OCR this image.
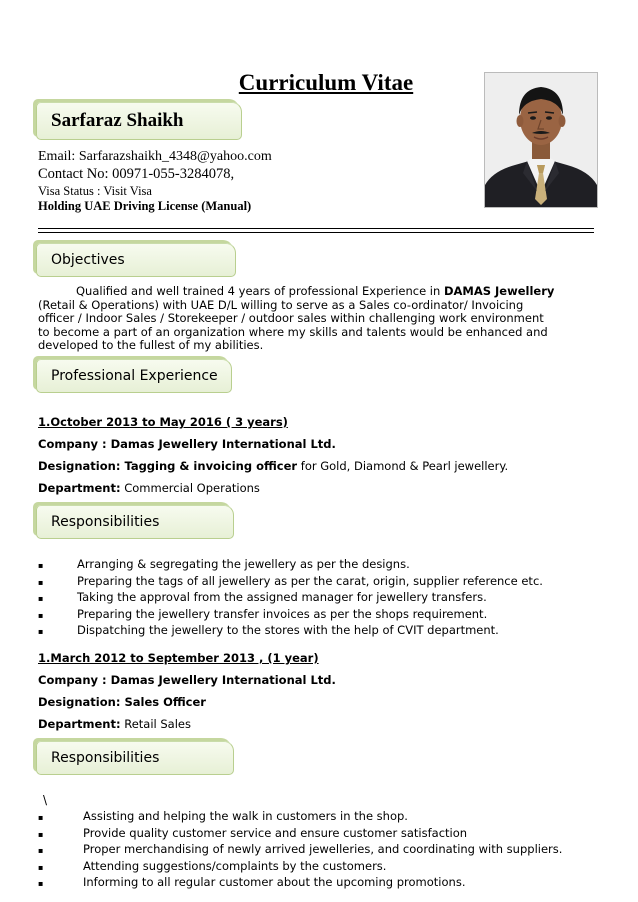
Curriculum Vitae
Sarfaraz Shaikh
Email: Sarfarazshaikh_4348@yahoo.com
Contact No: 00971-055-3284078,
Visa Status : Visit Visa
Holding UAE Driving License (Manual)
Objectives

Qualified and well trained 4 years of professional Experience in DAMAS Jewellery (Retail & Operations) with UAE D/L willing to serve as a Sales co-ordinator/ Invoicing officer / Indoor Sales / Storekeeper / outdoor sales within challenging work environment to become a part of an organization where my skills and talents would be enhanced and developed to the fullest of my abilities.

Professional Experience
1.October 2013 to May 2016 ( 3 years)
Company : Damas Jewellery International Ltd.
Designation: Tagging & invoicing officer for Gold, Diamond & Pearl jewellery.
Department: Commercial Operations
Responsibilities
▪	Arranging & segregating the jewellery as per the designs.
▪	Preparing the tags of all jewellery as per the carat, origin, supplier reference etc.
▪	Taking the approval from the assigned manager for jewellery transfers.
▪	Preparing the jewellery transfer invoices as per the shops requirement.
▪	Dispatching the jewellery to the stores with the help of CVIT department.
1.March 2012 to September 2013 , (1 year)
Company : Damas Jewellery International Ltd.
Designation: Sales Officer
Department: Retail Sales
Responsibilities
\
▪	Assisting and helping the walk in customers in the shop.
▪	Provide quality customer service and ensure customer satisfaction
▪	Proper merchandising of newly arrived jewelleries, and coordinating with suppliers.
▪	Attending suggestions/complaints by the customers.
▪	Informing to all regular customer about the upcoming promotions.
